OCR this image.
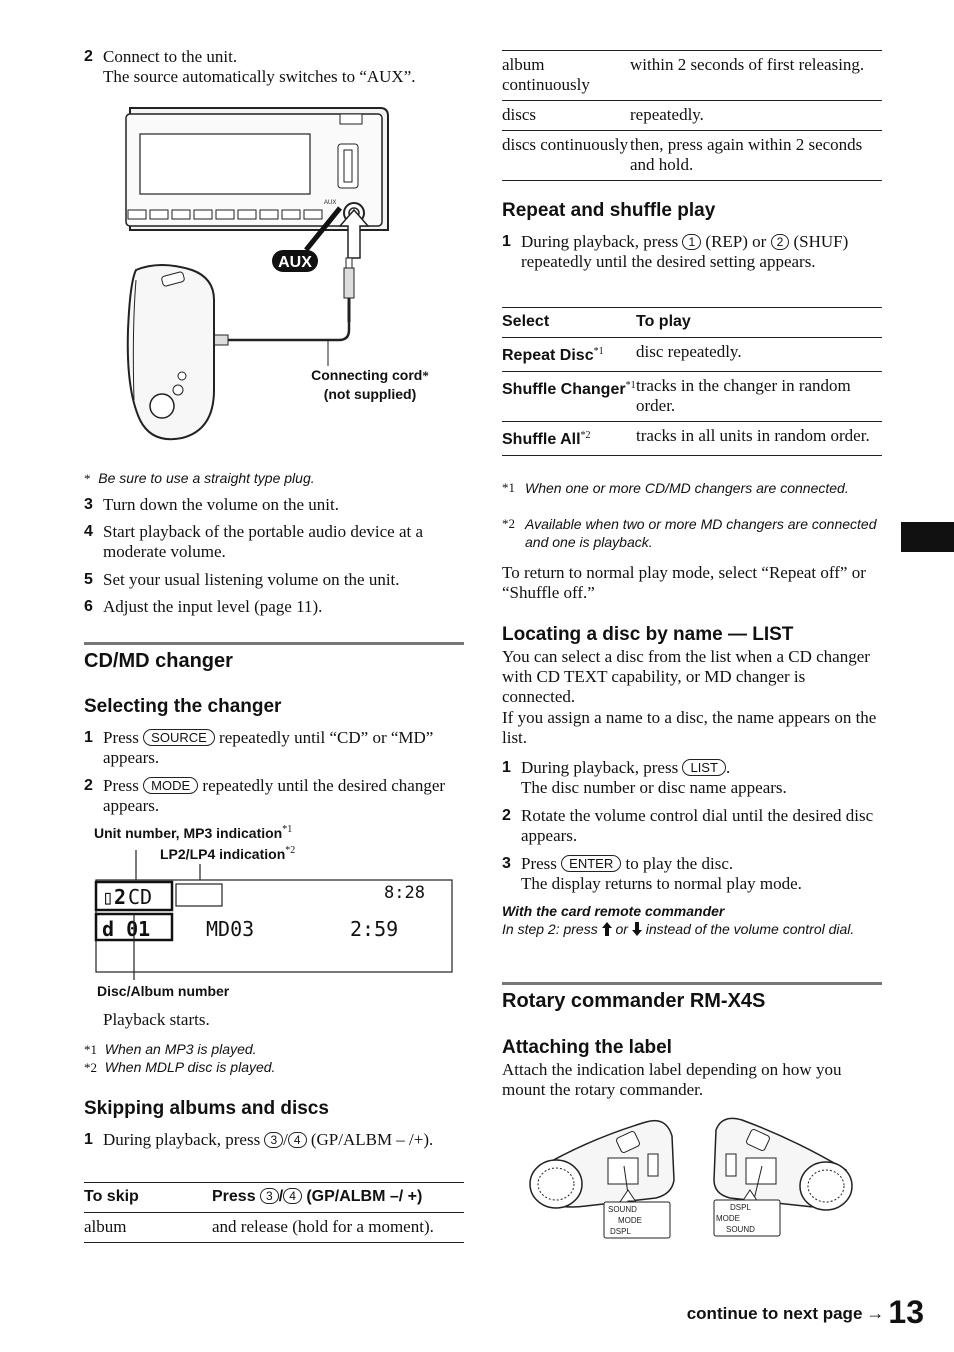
2 Connect to the unit.
The source automatically switches to “AUX”.
AUX
AUX
Connecting cord*
(not supplied)
* Be sure to use a straight type plug.
3 Turn down the volume on the unit.
4 Start playback of the portable audio device at a moderate volume.
5 Set your usual listening volume on the unit.
6 Adjust the input level (page 11).
CD/MD changer
Selecting the changer
1 Press SOURCE repeatedly until “CD” or “MD” appears.
2 Press MODE repeatedly until the desired changer appears.
Unit number, MP3 indication$^{*1}$
LP2/LP4 indication$^{*2}$
▯2 CD	8:28
d 01	MD03	2:59
Disc/Album number
Playback starts.
*1 When an MP3 is played.
*2 When MDLP disc is played.
Skipping albums and discs
1 During playback, press 3 / 4 (GP/ALBM – /+).
To skip	Press 3 / 4 (GP/ALBM –/ +)
album	and release (hold for a moment).
album continuously	within 2 seconds of first releasing.
discs	repeatedly.
discs continuously	then, press again within 2 seconds and hold.
Repeat and shuffle play
1 During playback, press 1 (REP) or 2 (SHUF) repeatedly until the desired setting appears.
Select	To play
Repeat Disc$^{*1}$	disc repeatedly.
Shuffle Changer$^{*1}$	tracks in the changer in random order.
Shuffle All$^{*2}$	tracks in all units in random order.
*1 When one or more CD/MD changers are connected.
*2 Available when two or more MD changers are connected and one is playback.
To return to normal play mode, select “Repeat off” or “Shuffle off.”
Locating a disc by name — LIST
You can select a disc from the list when a CD changer with CD TEXT capability, or MD changer is connected.
If you assign a name to a disc, the name appears on the list.
1 During playback, press LIST .
The disc number or disc name appears.
2 Rotate the volume control dial until the desired disc appears.
3 Press ENTER to play the disc.
The display returns to normal play mode.
With the card remote commander
In step 2: press or instead of the volume control dial.
Rotary commander RM-X4S
Attaching the label
Attach the indication label depending on how you mount the rotary commander.
SOUND
MODE
DSPL
DSPL
MODE
SOUND
continue to next page → 13
